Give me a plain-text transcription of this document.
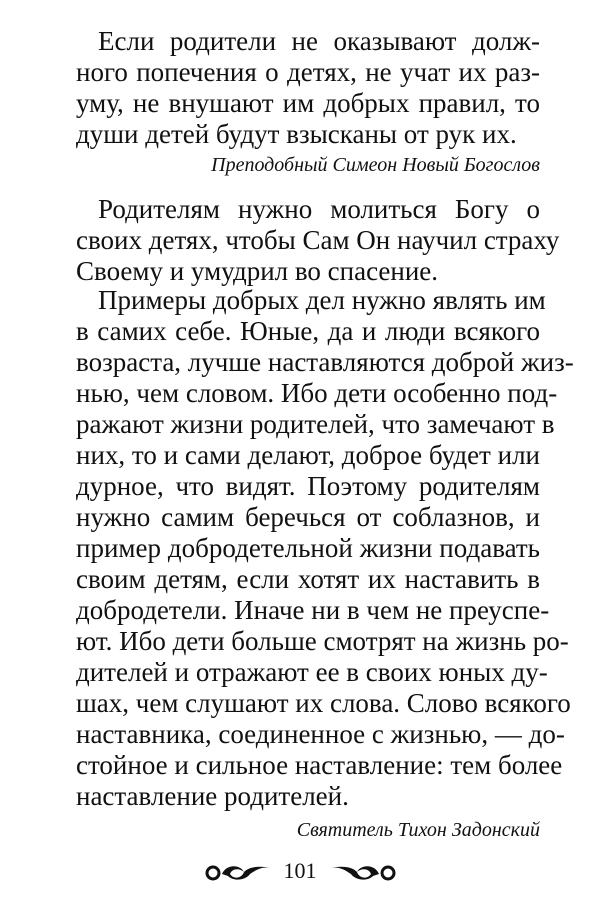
Если родители не оказывают долж-
ного попечения о детях, не учат их раз-
уму, не внушают им добрых правил, то
души детей будут взысканы от рук их.
Преподобный Симеон Новый Богослов
Родителям нужно молиться Богу о
своих детях, чтобы Сам Он научил страху
Своему и умудрил во спасение.
Примеры добрых дел нужно являть им
в самих себе. Юные, да и люди всякого
возраста, лучше наставляются доброй жиз-
нью, чем словом. Ибо дети особенно под-
ражают жизни родителей, что замечают в
них, то и сами делают, доброе будет или
дурное, что видят. Поэтому родителям
нужно самим беречься от соблазнов, и
пример добродетельной жизни подавать
своим детям, если хотят их наставить в
добродетели. Иначе ни в чем не преуспе-
ют. Ибо дети больше смотрят на жизнь ро-
дителей и отражают ее в своих юных ду-
шах, чем слушают их слова. Слово всякого
наставника, соединенное с жизнью, — до-
стойное и сильное наставление: тем более
наставление родителей.
Святитель Тихон Задонский
101
